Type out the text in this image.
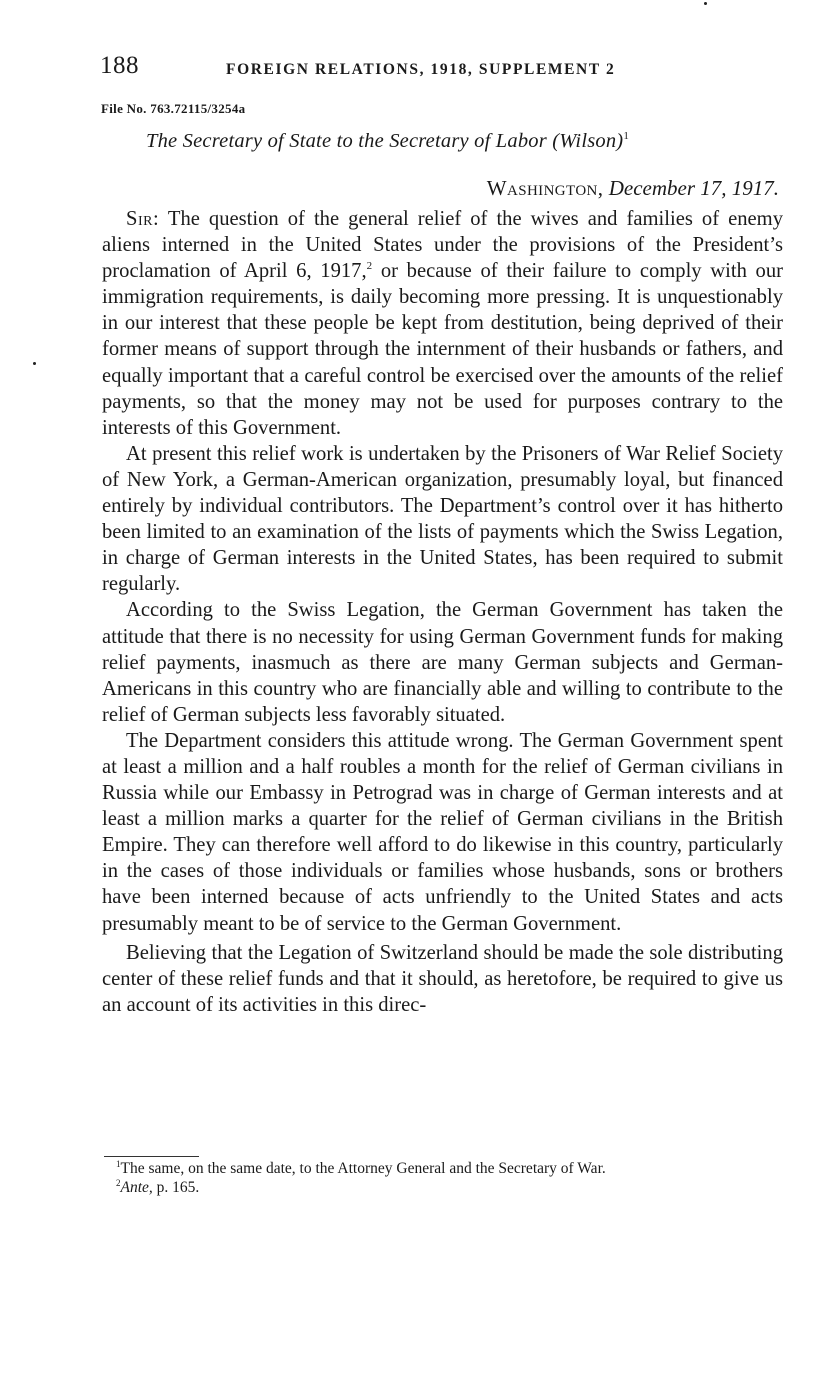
188	FOREIGN RELATIONS, 1918, SUPPLEMENT 2
File No. 763.72115/3254a
The Secretary of State to the Secretary of Labor (Wilson)$^1$
Washington, December 17, 1917.

Sir: The question of the general relief of the wives and families of enemy aliens interned in the United States under the provisions of the President’s proclamation of April 6, 1917,$^2$ or because of their failure to comply with our immigration requirements, is daily becoming more pressing. It is unquestionably in our interest that these people be kept from destitution, being deprived of their former means of support through the internment of their husbands or fathers, and equally important that a careful control be exercised over the amounts of the relief payments, so that the money may not be used for purposes contrary to the interests of this Government.

At present this relief work is undertaken by the Prisoners of War Relief Society of New York, a German-American organization, presumably loyal, but financed entirely by individual contributors. The Department’s control over it has hitherto been limited to an examination of the lists of payments which the Swiss Legation, in charge of German interests in the United States, has been required to submit regularly.

According to the Swiss Legation, the German Government has taken the attitude that there is no necessity for using German Government funds for making relief payments, inasmuch as there are many German subjects and German-Americans in this country who are financially able and willing to contribute to the relief of German subjects less favorably situated.

The Department considers this attitude wrong. The German Government spent at least a million and a half roubles a month for the relief of German civilians in Russia while our Embassy in Petrograd was in charge of German interests and at least a million marks a quarter for the relief of German civilians in the British Empire. They can therefore well afford to do likewise in this country, particularly in the cases of those individuals or families whose husbands, sons or brothers have been interned because of acts unfriendly to the United States and acts presumably meant to be of service to the German Government.

Believing that the Legation of Switzerland should be made the sole distributing center of these relief funds and that it should, as heretofore, be required to give us an account of its activities in this direc-

$^1$The same, on the same date, to the Attorney General and the Secretary of War.

$^2$Ante, p. 165.
